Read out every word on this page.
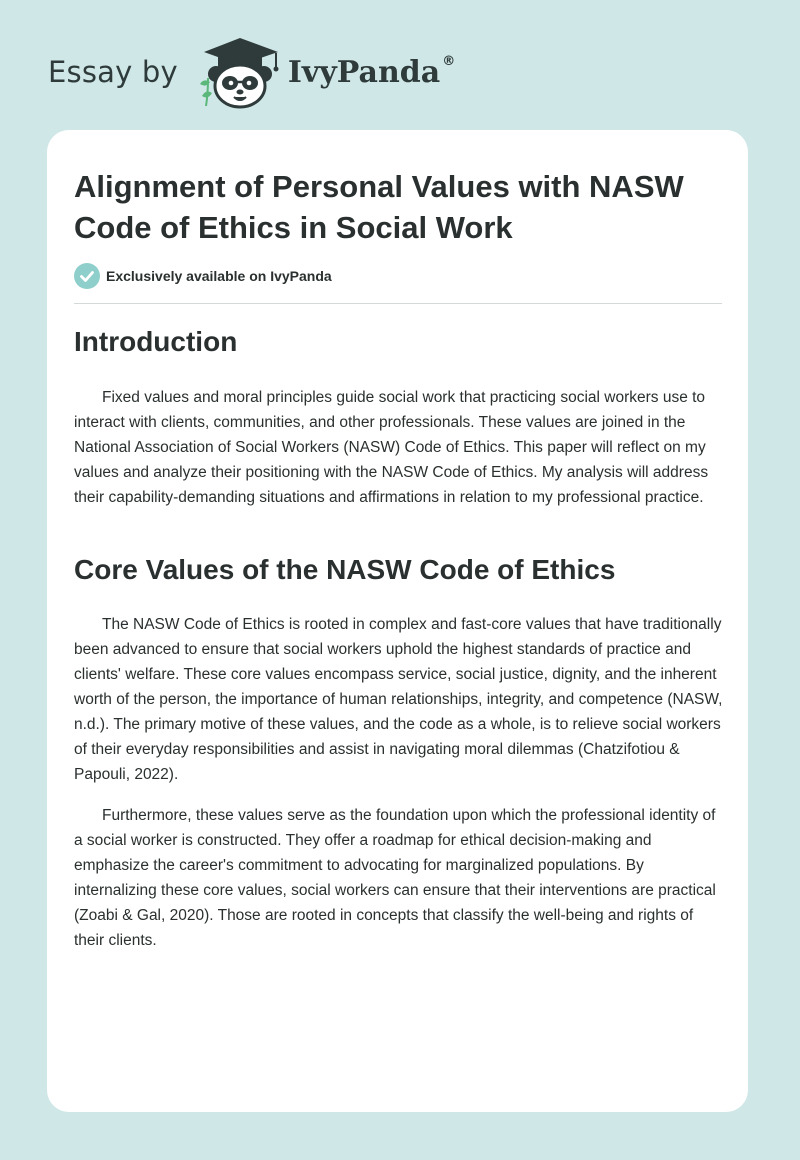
Essay by	IvyPanda ®
Alignment of Personal Values with NASW Code of Ethics in Social Work
Exclusively available on IvyPanda
Introduction

Fixed values and moral principles guide social work that practicing social workers use to interact with clients, communities, and other professionals. These values are joined in the National Association of Social Workers (NASW) Code of Ethics. This paper will reflect on my values and analyze their positioning with the NASW Code of Ethics. My analysis will address their capability-demanding situations and affirmations in relation to my professional practice.

Core Values of the NASW Code of Ethics

The NASW Code of Ethics is rooted in complex and fast-core values that have traditionally been advanced to ensure that social workers uphold the highest standards of practice and clients' welfare. These core values encompass service, social justice, dignity, and the inherent worth of the person, the importance of human relationships, integrity, and competence (NASW, n.d.). The primary motive of these values, and the code as a whole, is to relieve social workers of their everyday responsibilities and assist in navigating moral dilemmas (Chatzifotiou & Papouli, 2022).

Furthermore, these values serve as the foundation upon which the professional identity of a social worker is constructed. They offer a roadmap for ethical decision-making and emphasize the career's commitment to advocating for marginalized populations. By internalizing these core values, social workers can ensure that their interventions are practical (Zoabi & Gal, 2020). Those are rooted in concepts that classify the well-being and rights of their clients.
